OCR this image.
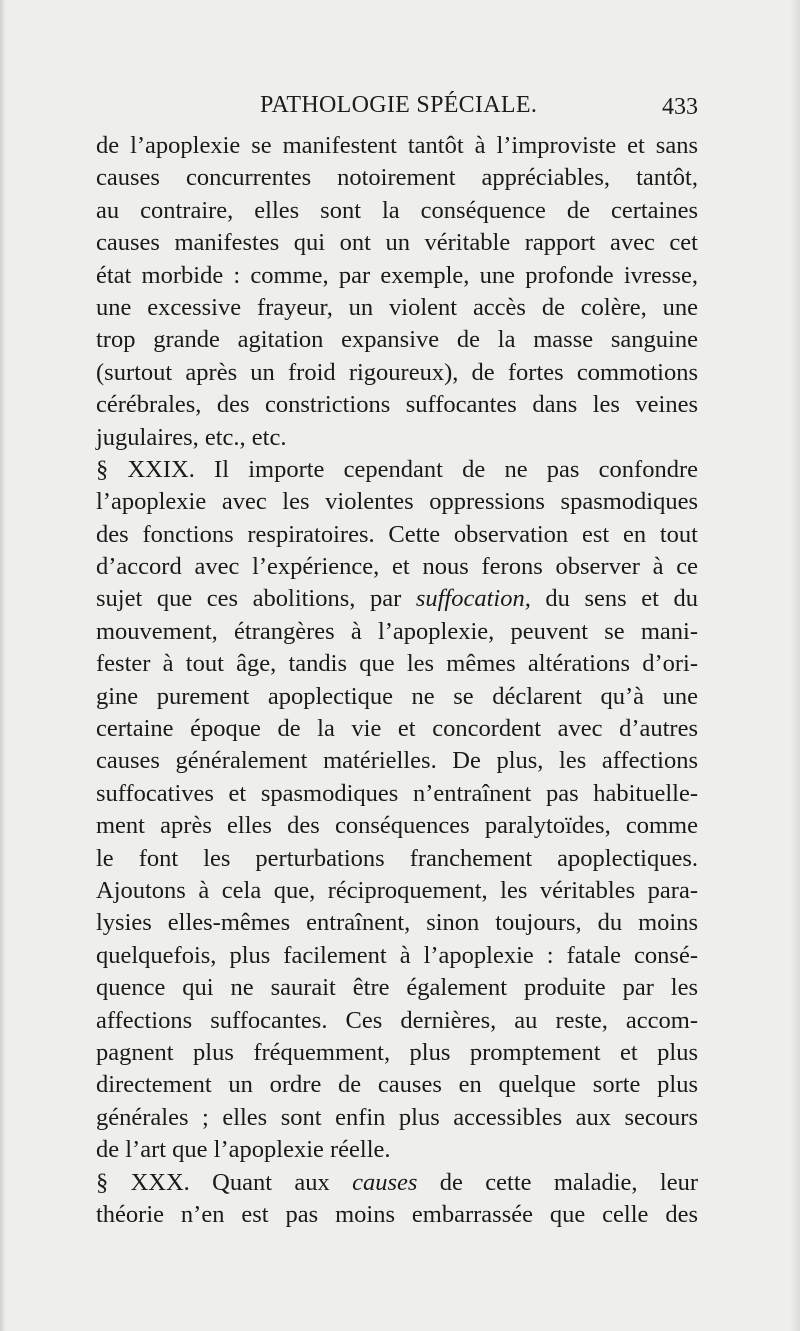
PATHOLOGIE SPÉCIALE.	433
de l’apoplexie se manifestent tantôt à l’improviste et sans
causes concurrentes notoirement appréciables, tantôt,
au contraire, elles sont la conséquence de certaines
causes manifestes qui ont un véritable rapport avec cet
état morbide : comme, par exemple, une profonde ivresse,
une excessive frayeur, un violent accès de colère, une
trop grande agitation expansive de la masse sanguine
(surtout après un froid rigoureux), de fortes commotions
cérébrales, des constrictions suffocantes dans les veines
jugulaires, etc., etc.
§ XXIX. Il importe cependant de ne pas confondre
l’apoplexie avec les violentes oppressions spasmodiques
des fonctions respiratoires. Cette observation est en tout
d’accord avec l’expérience, et nous ferons observer à ce
sujet que ces abolitions, par suffocation, du sens et du
mouvement, étrangères à l’apoplexie, peuvent se mani-
fester à tout âge, tandis que les mêmes altérations d’ori-
gine purement apoplectique ne se déclarent qu’à une
certaine époque de la vie et concordent avec d’autres
causes généralement matérielles. De plus, les affections
suffocatives et spasmodiques n’entraînent pas habituelle-
ment après elles des conséquences paralytoïdes, comme
le font les perturbations franchement apoplectiques.
Ajoutons à cela que, réciproquement, les véritables para-
lysies elles-mêmes entraînent, sinon toujours, du moins
quelquefois, plus facilement à l’apoplexie : fatale consé-
quence qui ne saurait être également produite par les
affections suffocantes. Ces dernières, au reste, accom-
pagnent plus fréquemment, plus promptement et plus
directement un ordre de causes en quelque sorte plus
générales ; elles sont enfin plus accessibles aux secours
de l’art que l’apoplexie réelle.
§ XXX. Quant aux causes de cette maladie, leur
théorie n’en est pas moins embarrassée que celle des
